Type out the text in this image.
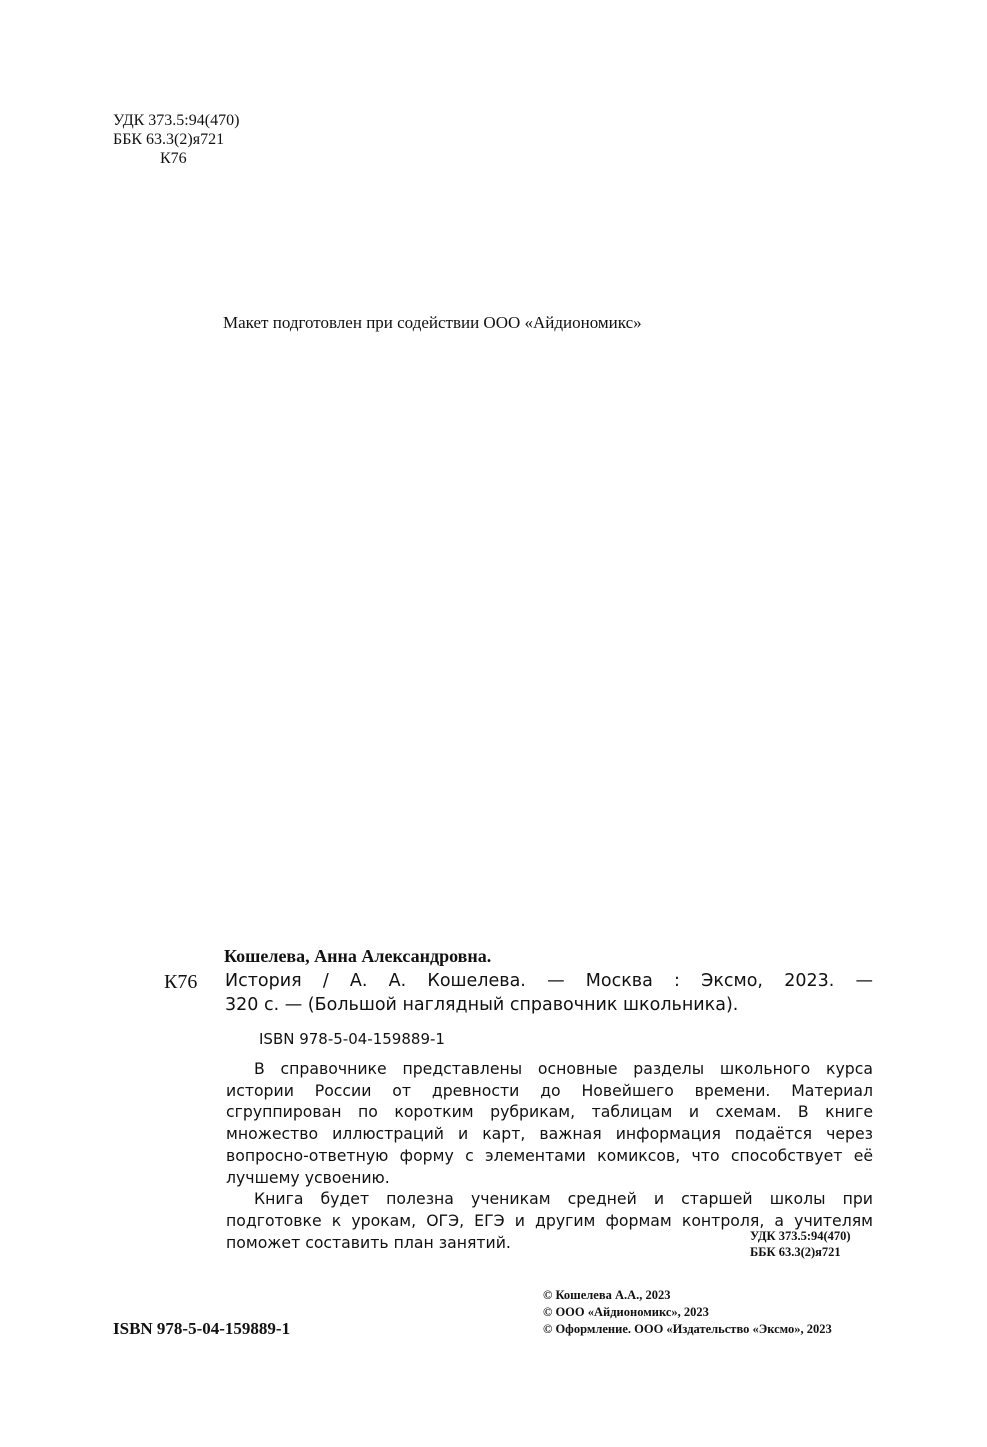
УДК 373.5:94(470)
ББК 63.3(2)я721
К76
Макет подготовлен при содействии ООО «Айдиономикс»
Кошелева, Анна Александровна.
К76 История / А. А. Кошелева. — Москва : Эксмо, 2023. —
320 с. — (Большой наглядный справочник школьника).
ISBN 978-5-04-159889-1

В справочнике представлены основные разделы школьного курса истории России от древности до Новейшего времени. Материал сгруппирован по коротким рубрикам, таблицам и схемам. В книге множество иллюстраций и карт, важная информация подаётся через вопросно-ответную форму с элементами комиксов, что способствует её лучшему усвоению.

Книга будет полезна ученикам средней и старшей школы при подготовке к урокам, ОГЭ, ЕГЭ и другим формам контроля, а учителям поможет составить план занятий.	УДК 373.5:94(470)
ББК 63.3(2)я721
ISBN 978-5-04-159889-1
© Кошелева А.А., 2023
© ООО «Айдиономикс», 2023
© Оформление. ООО «Издательство «Эксмо», 2023
